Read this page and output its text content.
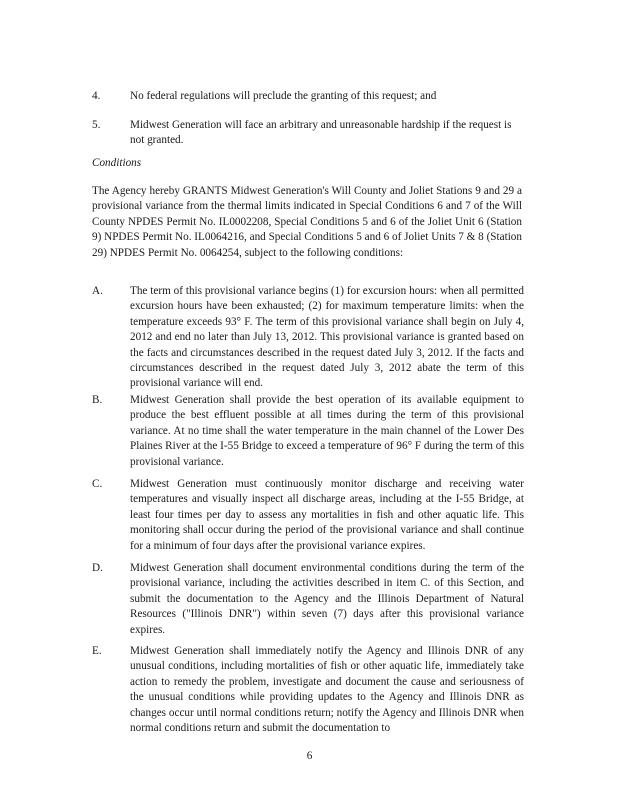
4.	No federal regulations will preclude the granting of this request; and
5.	Midwest Generation will face an arbitrary and unreasonable hardship if the request is not granted.
Conditions
The Agency hereby GRANTS Midwest Generation's Will County and Joliet Stations 9 and 29 a provisional variance from the thermal limits indicated in Special Conditions 6 and 7 of the Will County NPDES Permit No. IL0002208, Special Conditions 5 and 6 of the Joliet Unit 6 (Station 9) NPDES Permit No. IL0064216, and Special Conditions 5 and 6 of Joliet Units 7 & 8 (Station 29) NPDES Permit No. 0064254, subject to the following conditions:
A. The term of this provisional variance begins (1) for excursion hours: when all permitted excursion hours have been exhausted; (2) for maximum temperature limits: when the temperature exceeds 93° F. The term of this provisional variance shall begin on July 4, 2012 and end no later than July 13, 2012. This provisional variance is granted based on the facts and circumstances described in the request dated July 3, 2012. If the facts and circumstances described in the request dated July 3, 2012 abate the term of this provisional variance will end.
B. Midwest Generation shall provide the best operation of its available equipment to produce the best effluent possible at all times during the term of this provisional variance. At no time shall the water temperature in the main channel of the Lower Des Plaines River at the I-55 Bridge to exceed a temperature of 96° F during the term of this provisional variance.
C. Midwest Generation must continuously monitor discharge and receiving water temperatures and visually inspect all discharge areas, including at the I-55 Bridge, at least four times per day to assess any mortalities in fish and other aquatic life. This monitoring shall occur during the period of the provisional variance and shall continue for a minimum of four days after the provisional variance expires.
D. Midwest Generation shall document environmental conditions during the term of the provisional variance, including the activities described in item C. of this Section, and submit the documentation to the Agency and the Illinois Department of Natural Resources ("Illinois DNR") within seven (7) days after this provisional variance expires.
E.	Midwest Generation shall immediately notify the Agency and Illinois DNR of any unusual conditions, including mortalities of fish or other aquatic life, immediately take action to remedy the problem, investigate and document the cause and seriousness of the unusual conditions while providing updates to the Agency and Illinois DNR as changes occur until normal conditions return; notify the Agency and Illinois DNR when normal conditions return and submit the documentation to
6
